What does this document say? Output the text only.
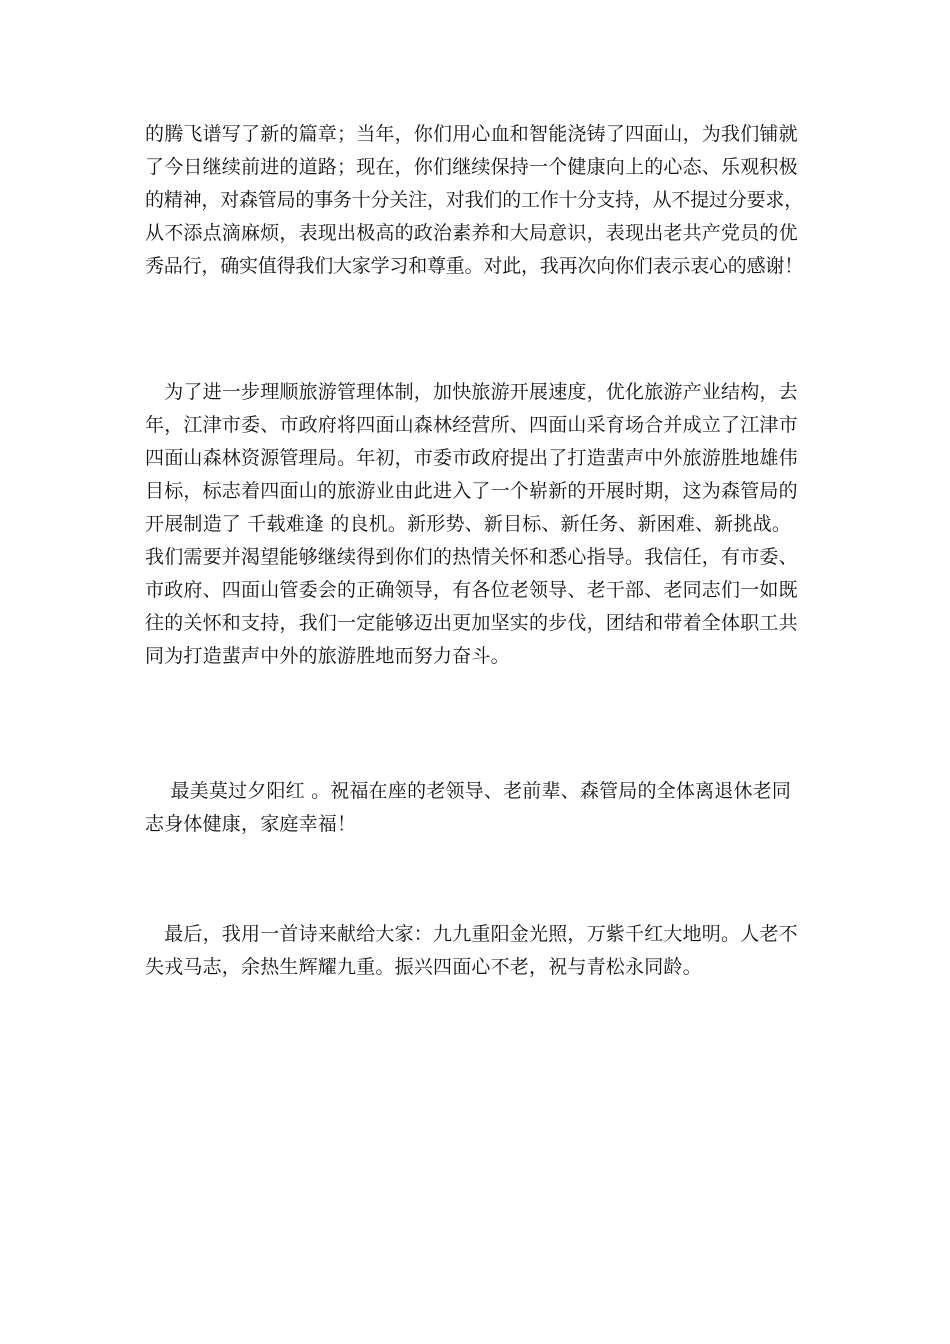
的腾飞谱写了新的篇章；当年，你们用心血和智能浇铸了四面山，为我们铺就
了今日继续前进的道路；现在，你们继续保持一个健康向上的心态、乐观积极
的精神，对森管局的事务十分关注，对我们的工作十分支持，从不提过分要求，
从不添点滴麻烦，表现出极高的政治素养和大局意识，表现出老共产党员的优
秀品行，确实值得我们大家学习和尊重。对此，我再次向你们表示衷心的感谢！
　为了进一步理顺旅游管理体制，加快旅游开展速度，优化旅游产业结构，去
年，江津市委、市政府将四面山森林经营所、四面山采育场合并成立了江津市
四面山森林资源管理局。年初，市委市政府提出了打造蜚声中外旅游胜地雄伟
目标，标志着四面山的旅游业由此进入了一个崭新的开展时期，这为森管局的
开展制造了 千载难逢 的良机。新形势、新目标、新任务、新困难、新挑战。
我们需要并渴望能够继续得到你们的热情关怀和悉心指导。我信任，有市委、
市政府、四面山管委会的正确领导，有各位老领导、老干部、老同志们一如既
往的关怀和支持，我们一定能够迈出更加坚实的步伐，团结和带着全体职工共
同为打造蜚声中外的旅游胜地而努力奋斗。
　 最美莫过夕阳红 。祝福在座的老领导、老前辈、森管局的全体离退休老同
志身体健康，家庭幸福！
　最后，我用一首诗来献给大家：九九重阳金光照，万紫千红大地明。人老不
失戎马志，余热生辉耀九重。振兴四面心不老，祝与青松永同龄。
